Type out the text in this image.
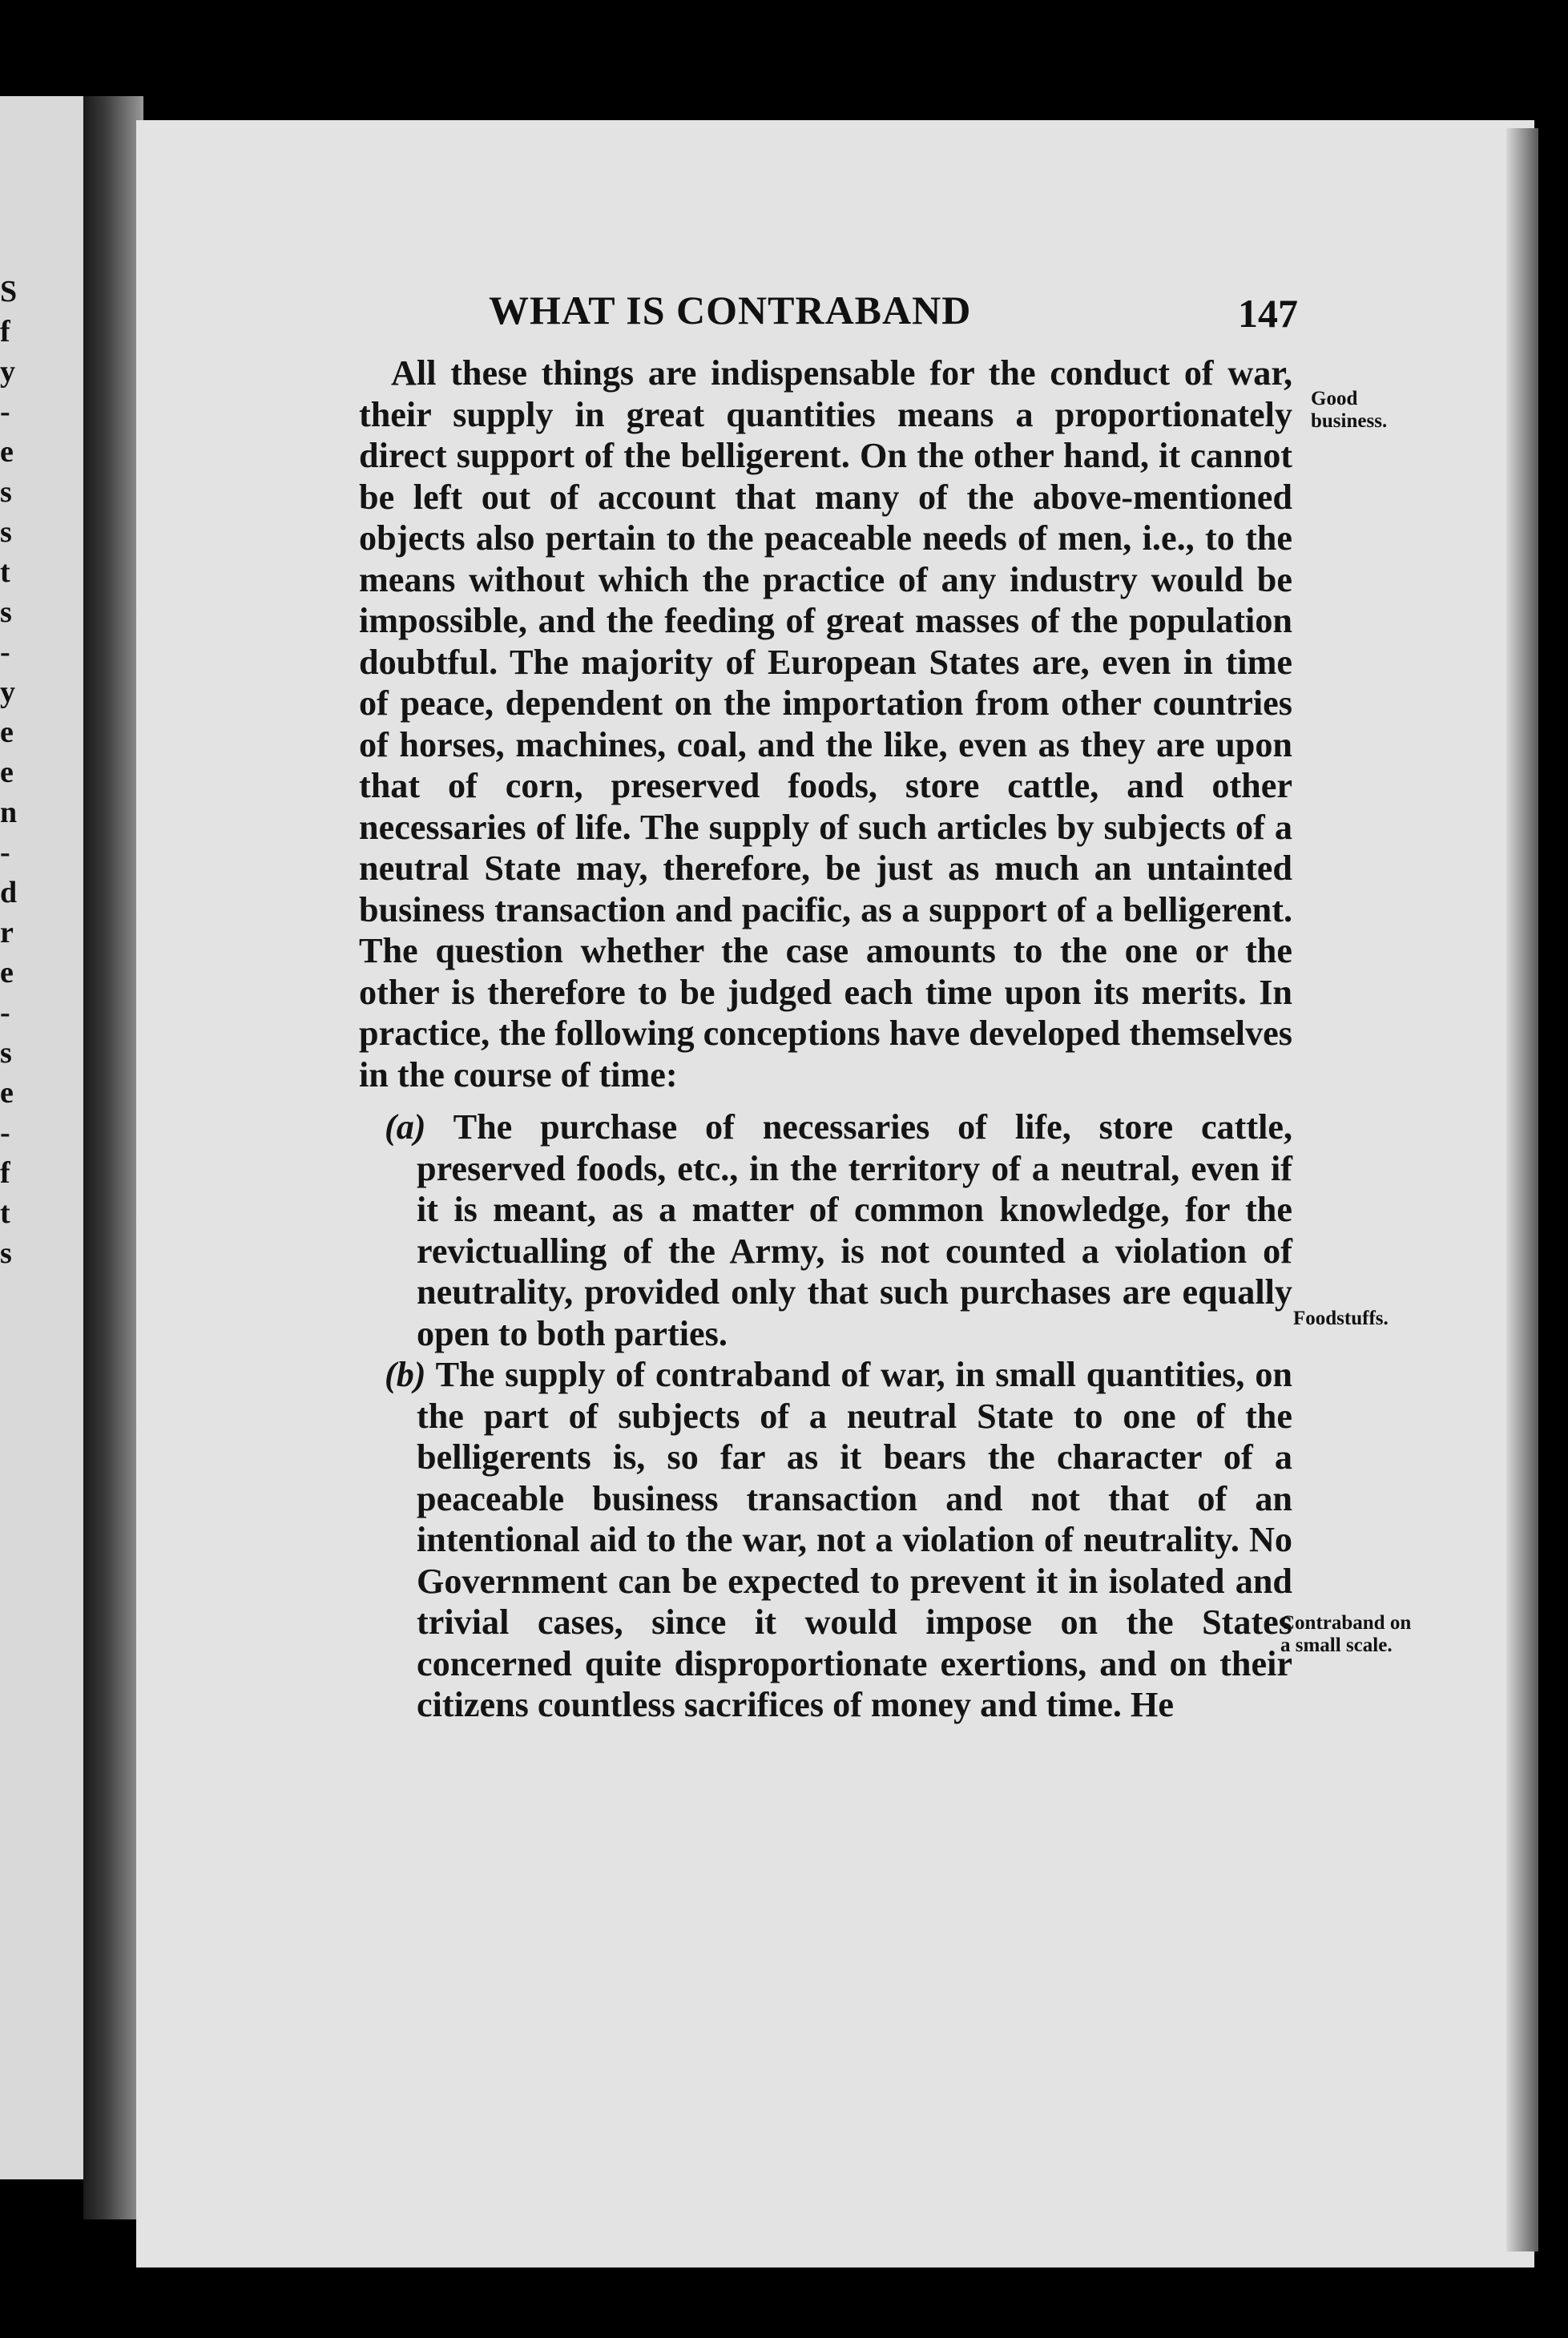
S
f
y
-
e
s
s
t
s
-
y
e
e
n
-
d
r
e
-
s
e
-
f
t
s
WHAT IS CONTRABAND	147

All these things are indispensable for the conduct of war, their supply in great quantities means a proportionately direct support of the belligerent. On the other hand, it cannot be left out of account that many of the above-mentioned objects also pertain to the peaceable needs of men, i.e., to the means without which the practice of any industry would be impossible, and the feeding of great masses of the population doubtful. The majority of European States are, even in time of peace, dependent on the importation from other countries of horses, machines, coal, and the like, even as they are upon that of corn, preserved foods, store cattle, and other necessaries of life. The supply of such articles by subjects of a neutral State may, therefore, be just as much an untainted business transaction and pacific, as a support of a belligerent. The question whether the case amounts to the one or the other is therefore to be judged each time upon its merits. In practice, the following conceptions have developed themselves in the course of time:

(a) The purchase of necessaries of life, store cattle, preserved foods, etc., in the territory of a neutral, even if it is meant, as a matter of common knowledge, for the revictualling of the Army, is not counted a violation of neutrality, provided only that such purchases are equally open to both parties.

(b) The supply of contraband of war, in small quantities, on the part of subjects of a neutral State to one of the belligerents is, so far as it bears the character of a peaceable business transaction and not that of an intentional aid to the war, not a violation of neutrality. No Government can be expected to prevent it in isolated and trivial cases, since it would impose on the States concerned quite disproportionate exertions, and on their citizens countless sacrifices of money and time. He

Good business.
Foodstuffs.
Contraband on a small scale.
